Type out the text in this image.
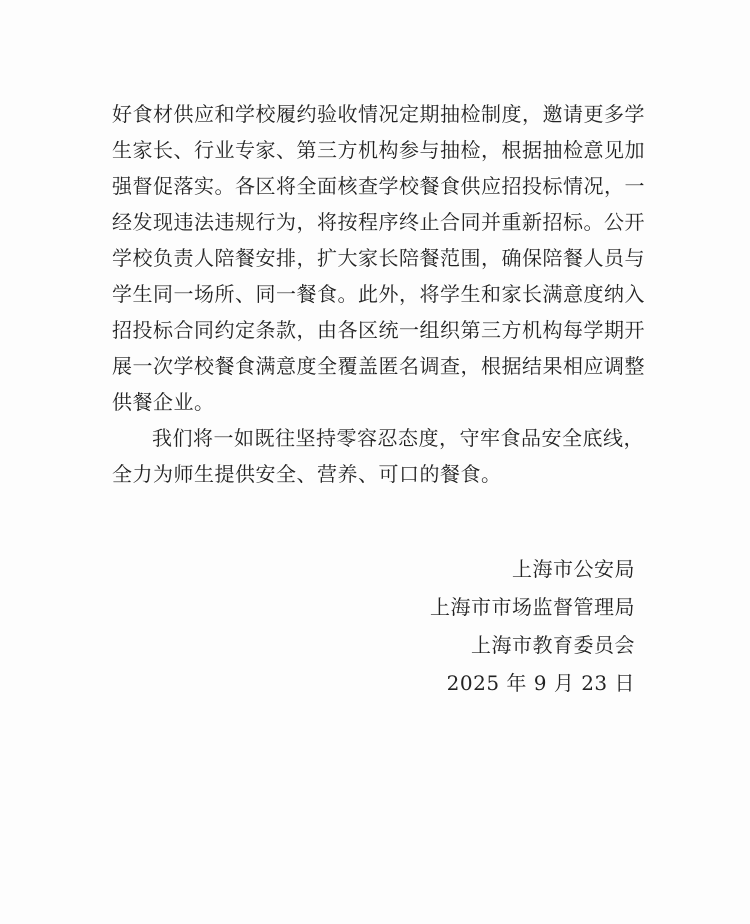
好食材供应和学校履约验收情况定期抽检制度，邀请更多学
生家长、行业专家、第三方机构参与抽检，根据抽检意见加
强督促落实。各区将全面核查学校餐食供应招投标情况，一
经发现违法违规行为，将按程序终止合同并重新招标。公开
学校负责人陪餐安排，扩大家长陪餐范围，确保陪餐人员与
学生同一场所、同一餐食。此外，将学生和家长满意度纳入
招投标合同约定条款，由各区统一组织第三方机构每学期开
展一次学校餐食满意度全覆盖匿名调查，根据结果相应调整
供餐企业。

我们将一如既往坚持零容忍态度，守牢食品安全底线，
全力为师生提供安全、营养、可口的餐食。

上海市公安局
上海市市场监督管理局
上海市教育委员会
2025 年 9 月 23 日
